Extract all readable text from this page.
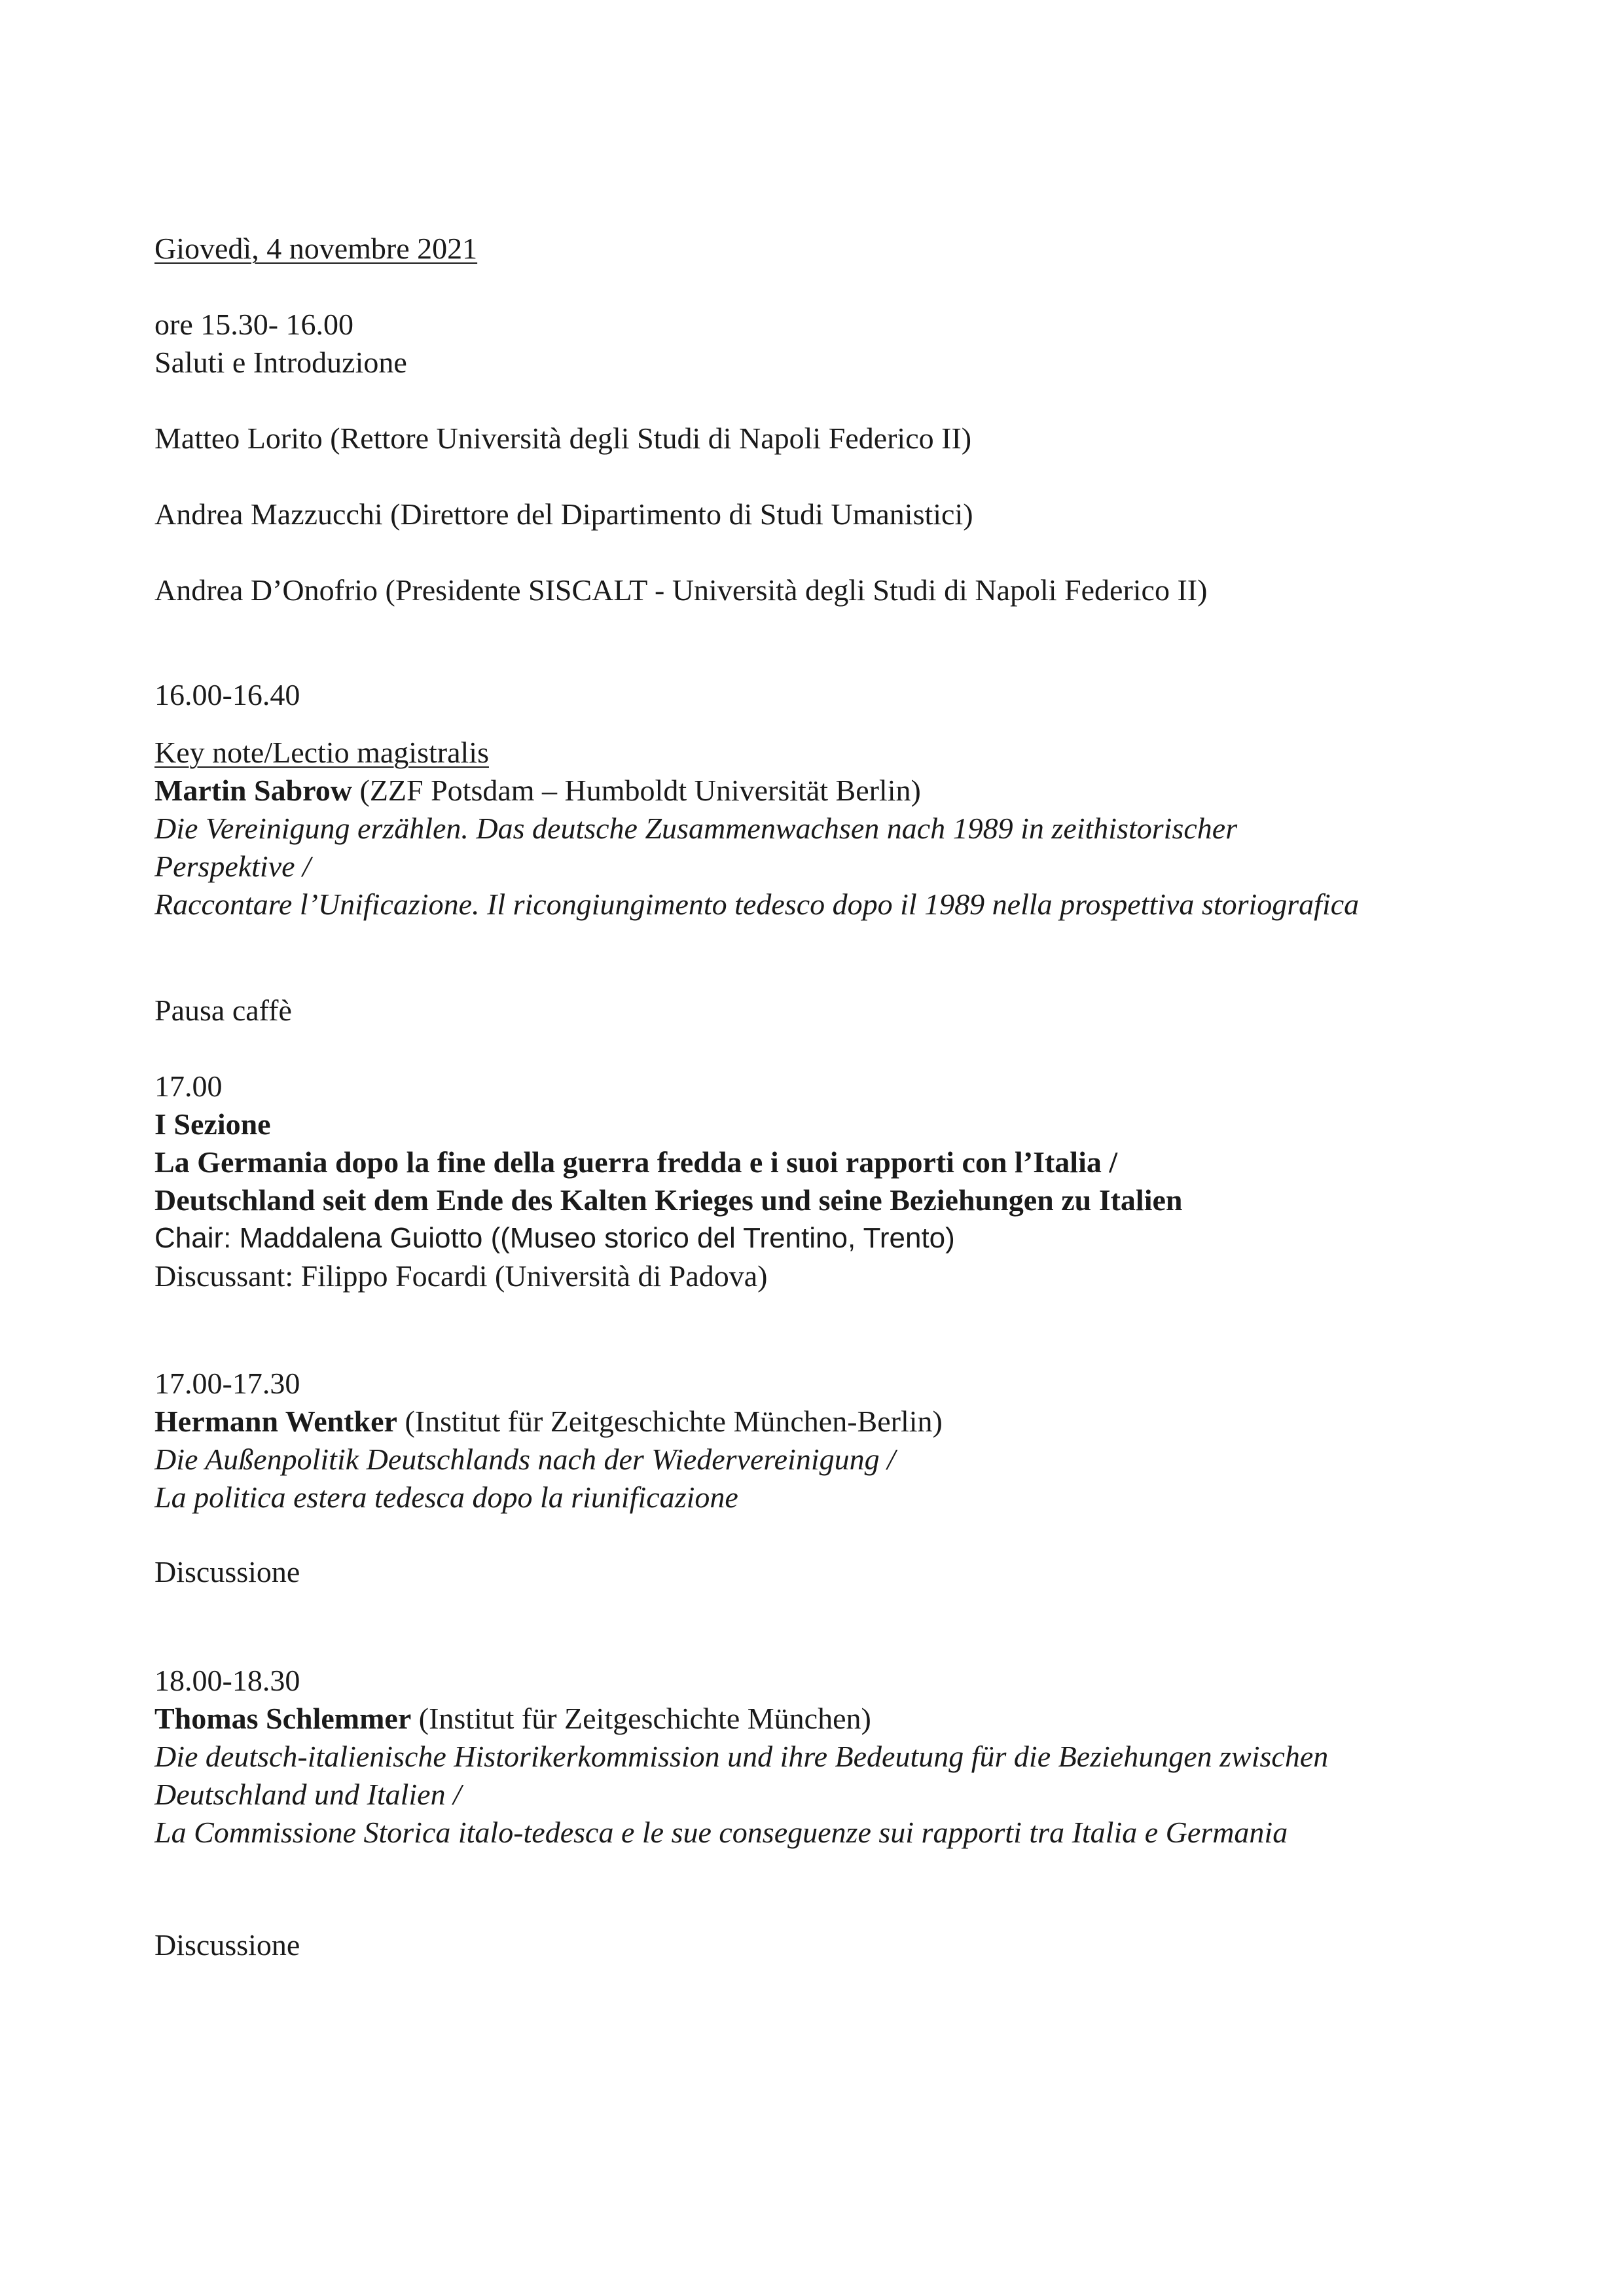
Giovedì, 4 novembre 2021

ore 15.30- 16.00

Saluti e Introduzione

Matteo Lorito (Rettore Università degli Studi di Napoli Federico II)

Andrea Mazzucchi (Direttore del Dipartimento di Studi Umanistici)

Andrea D’Onofrio (Presidente SISCALT - Università degli Studi di Napoli Federico II)

16.00-16.40

Key note/Lectio magistralis

Martin Sabrow (ZZF Potsdam – Humboldt Universität Berlin)

Die Vereinigung erzählen. Das deutsche Zusammenwachsen nach 1989 in zeithistorischer

Perspektive /

Raccontare l’Unificazione. Il ricongiungimento tedesco dopo il 1989 nella prospettiva storiografica

Pausa caffè

17.00

I Sezione

La Germania dopo la fine della guerra fredda e i suoi rapporti con l’Italia /

Deutschland seit dem Ende des Kalten Krieges und seine Beziehungen zu Italien

Chair: Maddalena Guiotto ((Museo storico del Trentino, Trento)

Discussant: Filippo Focardi (Università di Padova)

17.00-17.30

Hermann Wentker (Institut für Zeitgeschichte München-Berlin)

Die Außenpolitik Deutschlands nach der Wiedervereinigung /

La politica estera tedesca dopo la riunificazione

Discussione

18.00-18.30

Thomas Schlemmer (Institut für Zeitgeschichte München)

Die deutsch-italienische Historikerkommission und ihre Bedeutung für die Beziehungen zwischen

Deutschland und Italien /

La Commissione Storica italo-tedesca e le sue conseguenze sui rapporti tra Italia e Germania

Discussione
